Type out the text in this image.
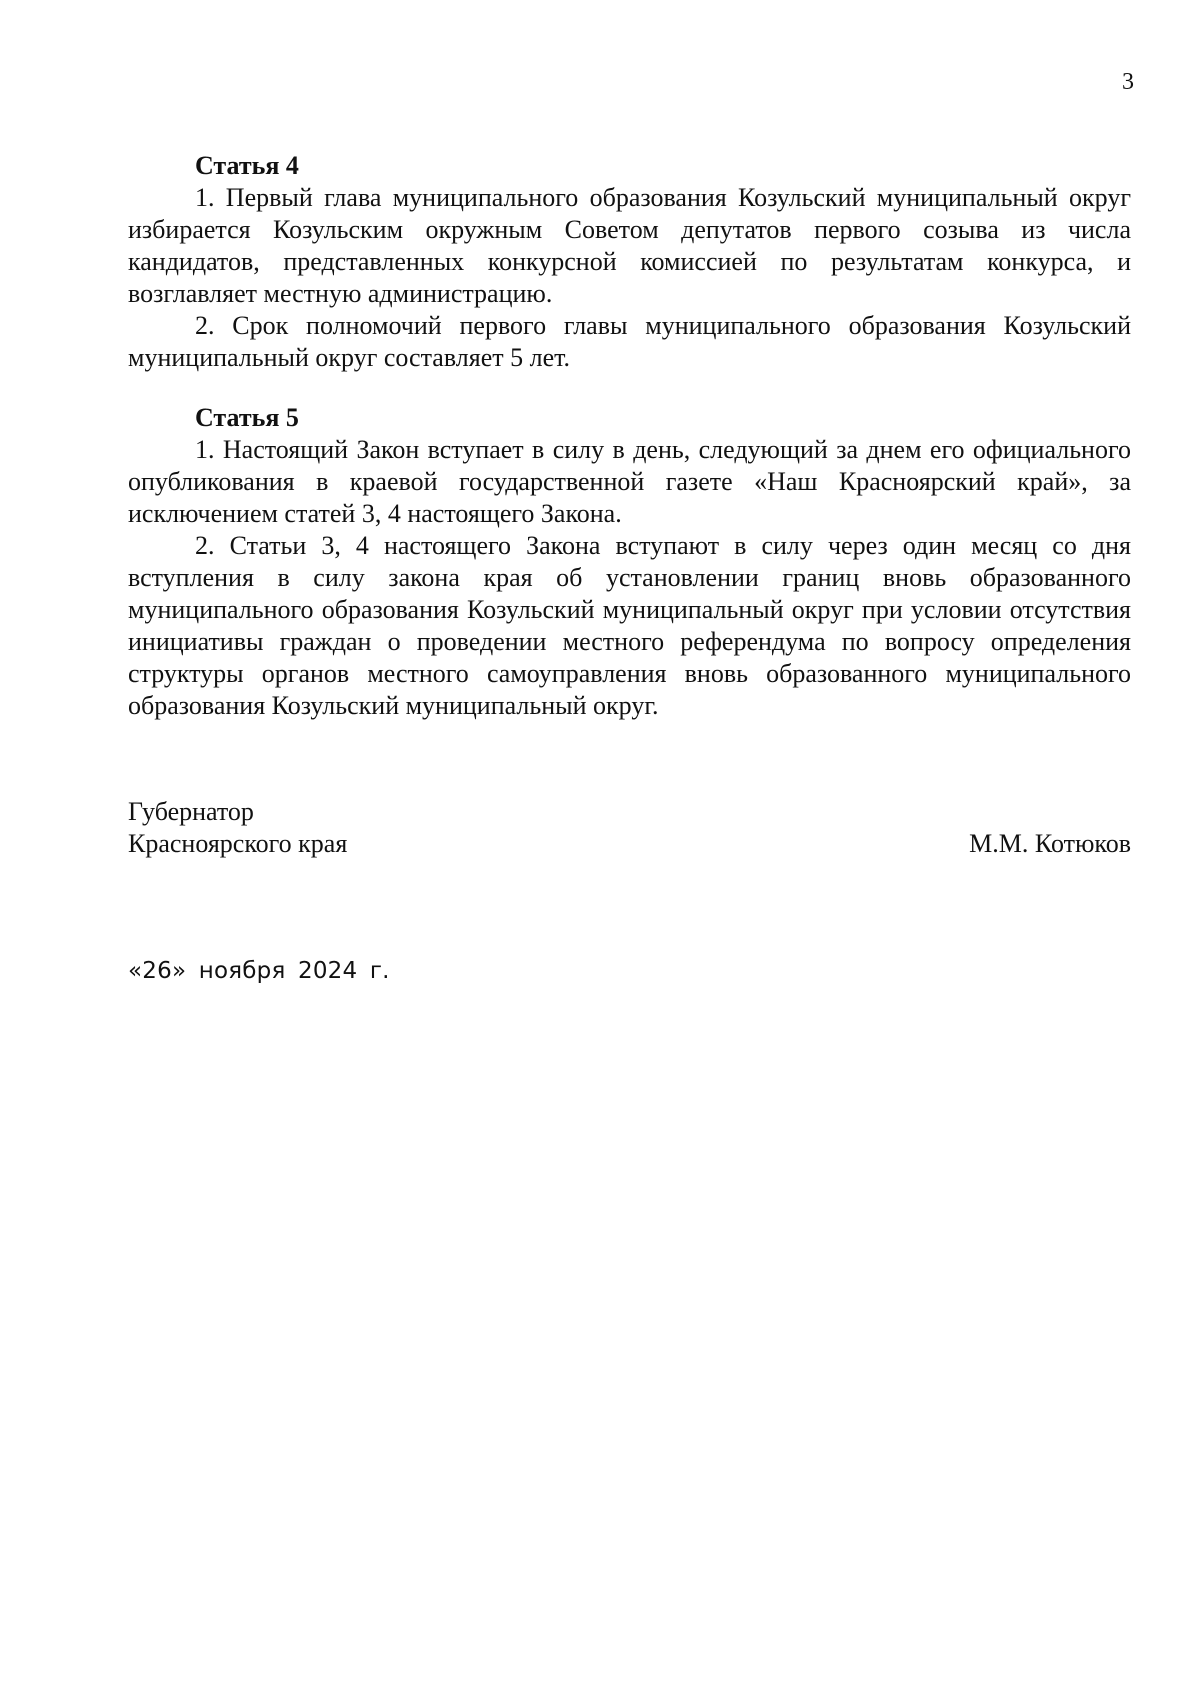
3
Статья 4

1. Первый глава муниципального образования Козульский муниципальный округ избирается Козульским окружным Советом депутатов первого созыва из числа кандидатов, представленных конкурсной комиссией по результатам конкурса, и возглавляет местную администрацию.

2. Срок полномочий первого главы муниципального образования Козульский муниципальный округ составляет 5 лет.

Статья 5

1. Настоящий Закон вступает в силу в день, следующий за днем его официального опубликования в краевой государственной газете «Наш Красноярский край», за исключением статей 3, 4 настоящего Закона.

2. Статьи 3, 4 настоящего Закона вступают в силу через один месяц со дня вступления в силу закона края об установлении границ вновь образованного муниципального образования Козульский муниципальный округ при условии отсутствия инициативы граждан о проведении местного референдума по вопросу определения структуры органов местного самоуправления вновь образованного муниципального образования Козульский муниципальный округ.

Губернатор
Красноярского края	М.М. Котюков
«26» ноября 2024 г.
